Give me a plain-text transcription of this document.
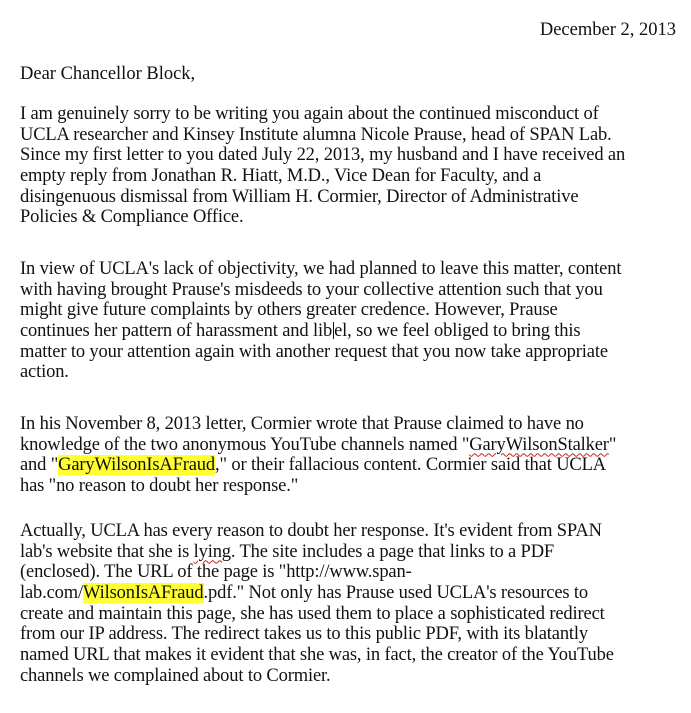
December 2, 2013
Dear Chancellor Block,
I am genuinely sorry to be writing you again about the continued misconduct of
UCLA researcher and Kinsey Institute alumna Nicole Prause, head of SPAN Lab.
Since my first letter to you dated July 22, 2013, my husband and I have received an
empty reply from Jonathan R. Hiatt, M.D., Vice Dean for Faculty, and a
disingenuous dismissal from William H. Cormier, Director of Administrative
Policies & Compliance Office.
In view of UCLA's lack of objectivity, we had planned to leave this matter, content
with having brought Prause's misdeeds to your collective attention such that you
might give future complaints by others greater credence. However, Prause
continues her pattern of harassment and lib el, so we feel obliged to bring this
matter to your attention again with another request that you now take appropriate
action.
In his November 8, 2013 letter, Cormier wrote that Prause claimed to have no
knowledge of the two anonymous YouTube channels named "GaryWilsonStalker"
and "GaryWilsonIsAFraud," or their fallacious content. Cormier said that UCLA
has "no reason to doubt her response."
Actually, UCLA has every reason to doubt her response. It's evident from SPAN
lab's website that she is lying. The site includes a page that links to a PDF
(enclosed). The URL of the page is "http://www.span-
lab.com/WilsonIsAFraud.pdf." Not only has Prause used UCLA's resources to
create and maintain this page, she has used them to place a sophisticated redirect
from our IP address. The redirect takes us to this public PDF, with its blatantly
named URL that makes it evident that she was, in fact, the creator of the YouTube
channels we complained about to Cormier.
